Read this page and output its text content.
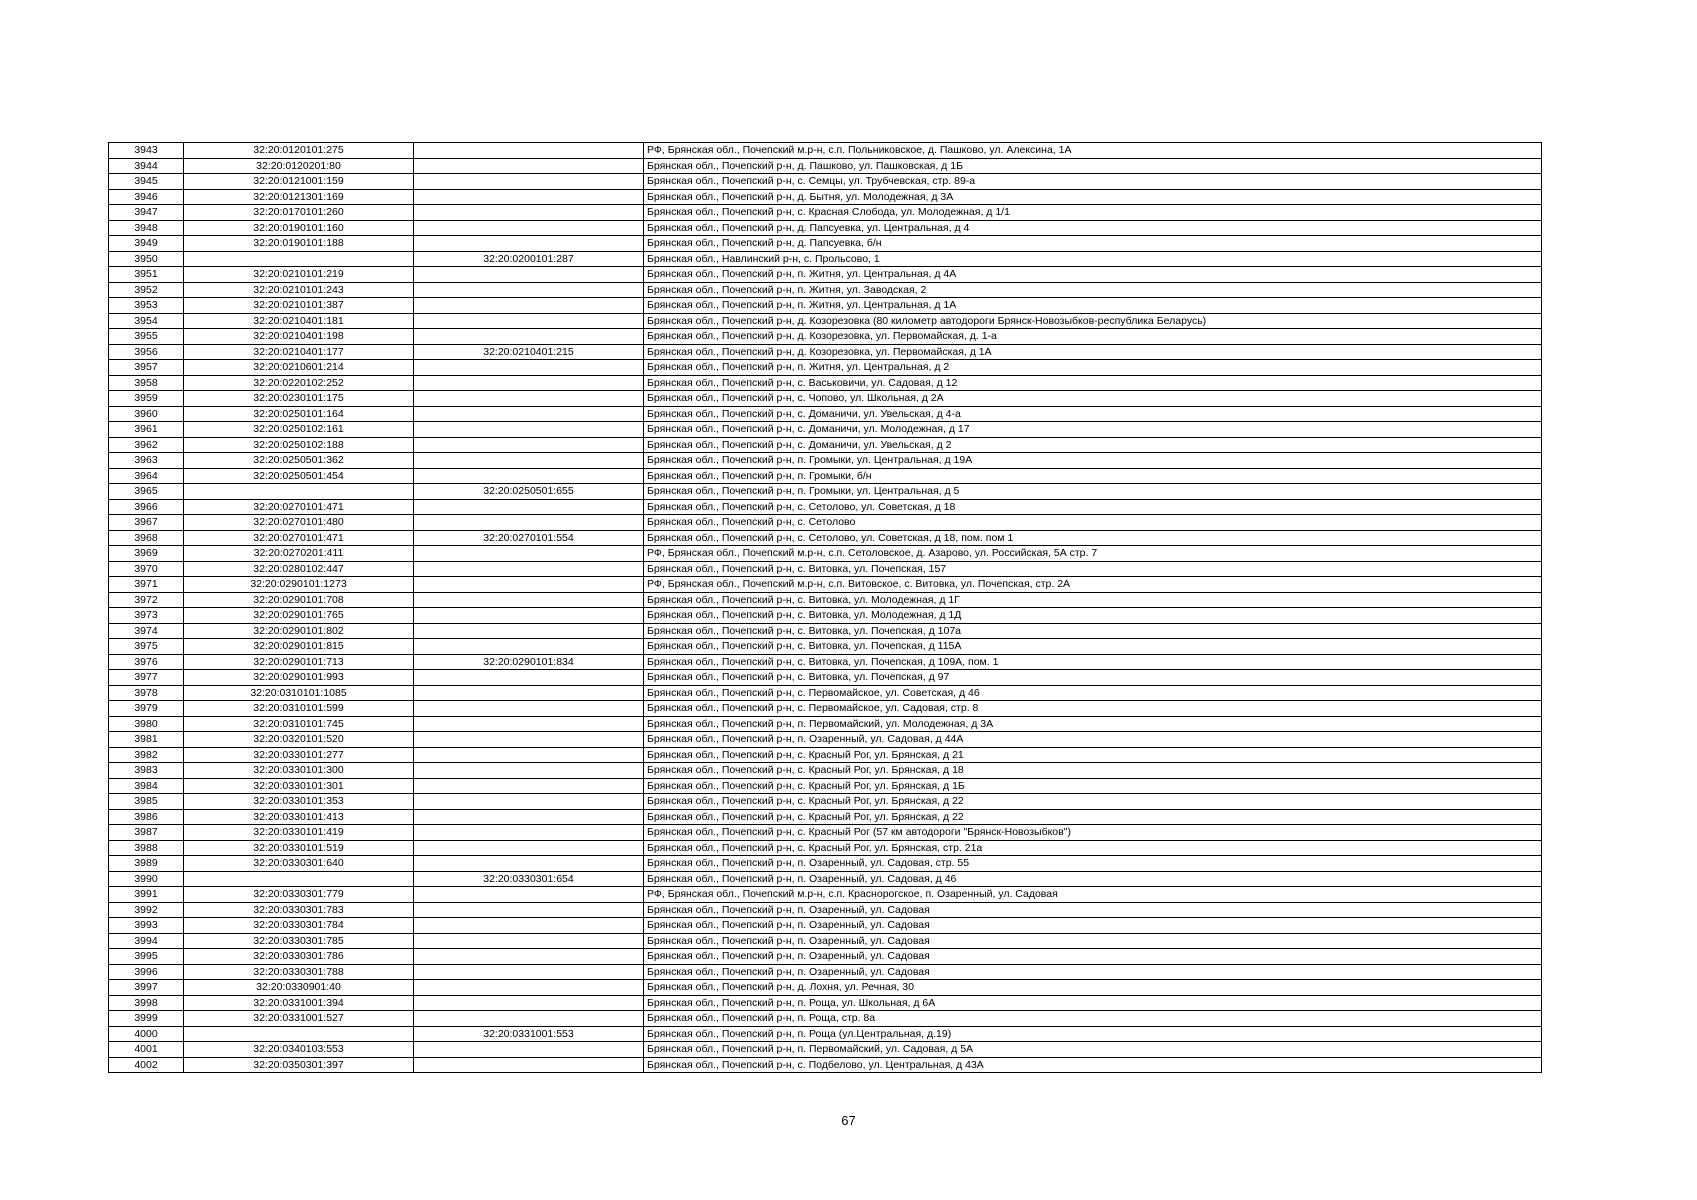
3943	32:20:0120101:275		РФ, Брянская обл., Почепский м.р-н, с.п. Польниковское, д. Пашково, ул. Алексина, 1А
3944	32:20:0120201:80		Брянская обл., Почепский р-н, д. Пашково, ул. Пашковская, д 1Б
3945	32:20:0121001:159		Брянская обл., Почепский р-н, с. Семцы, ул. Трубчевская, стр. 89-а
3946	32:20:0121301:169		Брянская обл., Почепский р-н, д. Бытня, ул. Молодежная, д 3А
3947	32:20:0170101:260		Брянская обл., Почепский р-н, с. Красная Слобода, ул. Молодежная, д 1/1
3948	32:20:0190101:160		Брянская обл., Почепский р-н, д. Папсуевка, ул. Центральная, д 4
3949	32:20:0190101:188		Брянская обл., Почепский р-н, д. Папсуевка, б/н
3950		32:20:0200101:287	Брянская обл., Навлинский р-н, с. Прольсово, 1
3951	32:20:0210101:219		Брянская обл., Почепский р-н, п. Житня, ул. Центральная, д 4А
3952	32:20:0210101:243		Брянская обл., Почепский р-н, п. Житня, ул. Заводская, 2
3953	32:20:0210101:387		Брянская обл., Почепский р-н, п. Житня, ул. Центральная, д 1А
3954	32:20:0210401:181		Брянская обл., Почепский р-н, д. Козорезовка (80 километр автодороги Брянск-Новозыбков-республика Беларусь)
3955	32:20:0210401:198		Брянская обл., Почепский р-н, д. Козорезовка, ул. Первомайская, д. 1-а
3956	32:20:0210401:177	32:20:0210401:215	Брянская обл., Почепский р-н, д. Козорезовка, ул. Первомайская, д 1А
3957	32:20:0210601:214		Брянская обл., Почепский р-н, п. Житня, ул. Центральная, д 2
3958	32:20:0220102:252		Брянская обл., Почепский р-н, с. Васьковичи, ул. Садовая, д 12
3959	32:20:0230101:175		Брянская обл., Почепский р-н, с. Чопово, ул. Школьная, д 2А
3960	32:20:0250101:164		Брянская обл., Почепский р-н, с. Доманичи, ул. Увельская, д 4-а
3961	32:20:0250102:161		Брянская обл., Почепский р-н, с. Доманичи, ул. Молодежная, д 17
3962	32:20:0250102:188		Брянская обл., Почепский р-н, с. Доманичи, ул. Увельская, д 2
3963	32:20:0250501:362		Брянская обл., Почепский р-н, п. Громыки, ул. Центральная, д 19А
3964	32:20:0250501:454		Брянская обл., Почепский р-н, п. Громыки, б/н
3965		32:20:0250501:655	Брянская обл., Почепский р-н, п. Громыки, ул. Центральная, д 5
3966	32:20:0270101:471		Брянская обл., Почепский р-н, с. Сетолово, ул. Советская, д 18
3967	32:20:0270101:480		Брянская обл., Почепский р-н, с. Сетолово
3968	32:20:0270101:471	32:20:0270101:554	Брянская обл., Почепский р-н, с. Сетолово, ул. Советская, д 18, пом. пом 1
3969	32:20:0270201:411		РФ, Брянская обл., Почепский м.р-н, с.п. Сетоловское, д. Азарово, ул. Российская, 5А стр. 7
3970	32:20:0280102:447		Брянская обл., Почепский р-н, с. Витовка, ул. Почепская, 157
3971	32:20:0290101:1273		РФ, Брянская обл., Почепский м.р-н, с.п. Витовское, с. Витовка, ул. Почепская, стр. 2А
3972	32:20:0290101:708		Брянская обл., Почепский р-н, с. Витовка, ул. Молодежная, д 1Г
3973	32:20:0290101:765		Брянская обл., Почепский р-н, с. Витовка, ул. Молодежная, д 1Д
3974	32:20:0290101:802		Брянская обл., Почепский р-н, с. Витовка, ул. Почепская, д 107а
3975	32:20:0290101:815		Брянская обл., Почепский р-н, с. Витовка, ул. Почепская, д 115А
3976	32:20:0290101:713	32:20:0290101:834	Брянская обл., Почепский р-н, с. Витовка, ул. Почепская, д 109А, пом. 1
3977	32:20:0290101:993		Брянская обл., Почепский р-н, с. Витовка, ул. Почепская, д 97
3978	32:20:0310101:1085		Брянская обл., Почепский р-н, с. Первомайское, ул. Советская, д 46
3979	32:20:0310101:599		Брянская обл., Почепский р-н, с. Первомайское, ул. Садовая, стр. 8
3980	32:20:0310101:745		Брянская обл., Почепский р-н, п. Первомайский, ул. Молодежная, д 3А
3981	32:20:0320101:520		Брянская обл., Почепский р-н, п. Озаренный, ул. Садовая, д 44А
3982	32:20:0330101:277		Брянская обл., Почепский р-н, с. Красный Рог, ул. Брянская, д 21
3983	32:20:0330101:300		Брянская обл., Почепский р-н, с. Красный Рог, ул. Брянская, д 18
3984	32:20:0330101:301		Брянская обл., Почепский р-н, с. Красный Рог, ул. Брянская, д 1Б
3985	32:20:0330101:353		Брянская обл., Почепский р-н, с. Красный Рог, ул. Брянская, д 22
3986	32:20:0330101:413		Брянская обл., Почепский р-н, с. Красный Рог, ул. Брянская, д 22
3987	32:20:0330101:419		Брянская обл., Почепский р-н, с. Красный Рог (57 км автодороги "Брянск-Новозыбков")
3988	32:20:0330101:519		Брянская обл., Почепский р-н, с. Красный Рог, ул. Брянская, стр. 21а
3989	32:20:0330301:640		Брянская обл., Почепский р-н, п. Озаренный, ул. Садовая, стр. 55
3990		32:20:0330301:654	Брянская обл., Почепский р-н, п. Озаренный, ул. Садовая, д 46
3991	32:20:0330301:779		РФ, Брянская обл., Почепский м.р-н, с.п. Краснорогское, п. Озаренный, ул. Садовая
3992	32:20:0330301:783		Брянская обл., Почепский р-н, п. Озаренный, ул. Садовая
3993	32:20:0330301:784		Брянская обл., Почепский р-н, п. Озаренный, ул. Садовая
3994	32:20:0330301:785		Брянская обл., Почепский р-н, п. Озаренный, ул. Садовая
3995	32:20:0330301:786		Брянская обл., Почепский р-н, п. Озаренный, ул. Садовая
3996	32:20:0330301:788		Брянская обл., Почепский р-н, п. Озаренный, ул. Садовая
3997	32:20:0330901:40		Брянская обл., Почепский р-н, д. Лохня, ул. Речная, 30
3998	32:20:0331001:394		Брянская обл., Почепский р-н, п. Роща, ул. Школьная, д 6А
3999	32:20:0331001:527		Брянская обл., Почепский р-н, п. Роща, стр. 8а
4000		32:20:0331001:553	Брянская обл., Почепский р-н, п. Роща (ул.Центральная, д.19)
4001	32:20:0340103:553		Брянская обл., Почепский р-н, п. Первомайский, ул. Садовая, д 5А
4002	32:20:0350301:397		Брянская обл., Почепский р-н, с. Подбелово, ул. Центральная, д 43А
67
